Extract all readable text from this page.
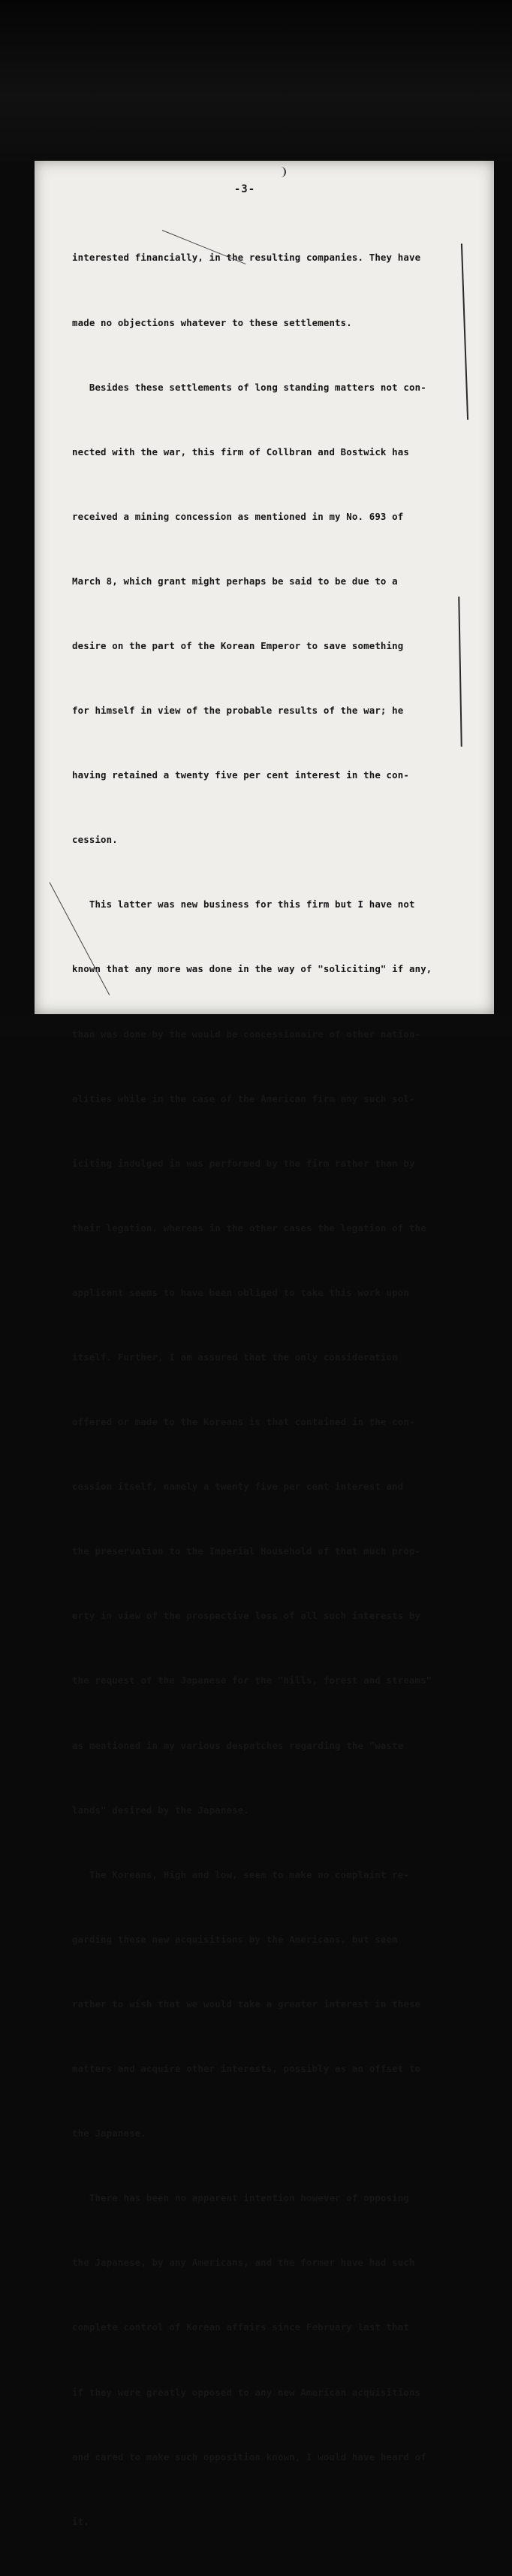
-3-

interested financially, in the resulting companies. They have

made no objections whatever to these settlements.

Besides these settlements of long standing matters not con-

nected with the war, this firm of Collbran and Bostwick has

received a mining concession as mentioned in my No. 693 of

March 8, which grant might perhaps be said to be due to a

desire on the part of the Korean Emperor to save something

for himself in view of the probable results of the war; he

having retained a twenty five per cent interest in the con-

cession.

This latter was new business for this firm but I have not

known that any more was done in the way of "soliciting" if any,

than was done by the would be concessionaire of other nation-

alities while in the case of the American firm any such sol-

iciting indulged in was performed by the firm rather than by

their legation, whereas in the other cases the legation of the

applicant seems to have been obliged to take this work upon

itself. Further, I am assured that the only consideration

offered or made to the Koreans is that contained in the con-

cession itself, namely a twenty five per cent interest and

the preservation to the Imperial Household of that much prop-

erty in view of the prospective loss of all such interests by

the request of the Japanese for the "hills, forest and streams"

as mentioned in my various despatches regarding the "waste

lands" desired by the Japanese.

The Koreans, High and low, seem to make no complaint re-

garding these new acquisitions by the Americans, but seem

rather to wish that we would take a greater interest in these

matters and acquire other interests, possibly as an offset to

the Japanese.

There has been no apparent intention however of opposing

the Japanese, by any Americans, and the former have had such

complete control of Korean affairs since February last that

if they were greatly opposed to any new American acquisitions

and cared to make such opposition known, I would have heard of

it.
